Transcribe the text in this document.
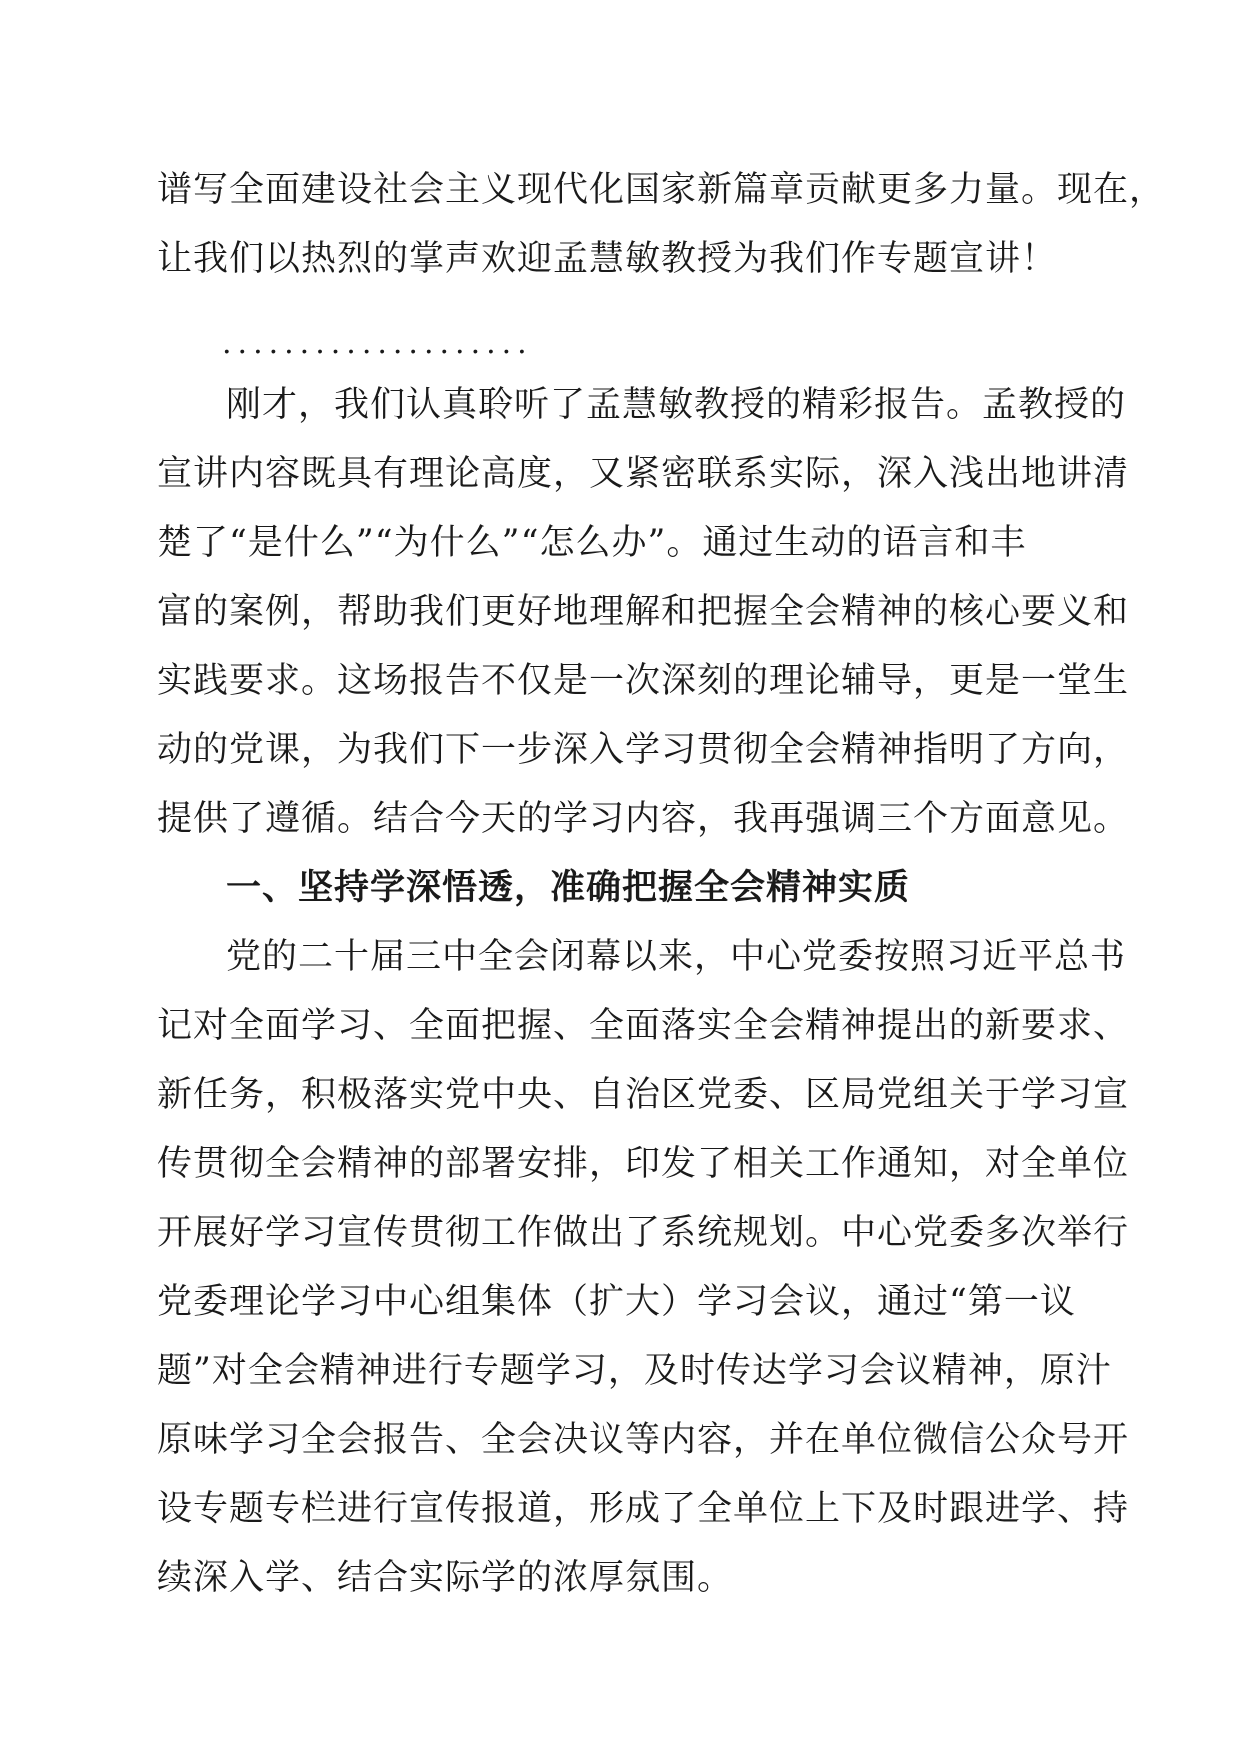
谱写全面建设社会主义现代化国家新篇章贡献更多力量。现在，
让我们以热烈的掌声欢迎孟慧敏教授为我们作专题宣讲！
....................
刚才，我们认真聆听了孟慧敏教授的精彩报告。孟教授的
宣讲内容既具有理论高度，又紧密联系实际，深入浅出地讲清
楚了“是什么”“为什么”“怎么办”。通过生动的语言和丰
富的案例，帮助我们更好地理解和把握全会精神的核心要义和
实践要求。这场报告不仅是一次深刻的理论辅导，更是一堂生
动的党课，为我们下一步深入学习贯彻全会精神指明了方向，
提供了遵循。结合今天的学习内容，我再强调三个方面意见。
一、坚持学深悟透，准确把握全会精神实质
党的二十届三中全会闭幕以来，中心党委按照习近平总书
记对全面学习、全面把握、全面落实全会精神提出的新要求、
新任务，积极落实党中央、自治区党委、区局党组关于学习宣
传贯彻全会精神的部署安排，印发了相关工作通知，对全单位
开展好学习宣传贯彻工作做出了系统规划。中心党委多次举行
党委理论学习中心组集体（扩大）学习会议，通过“第一议
题”对全会精神进行专题学习，及时传达学习会议精神，原汁
原味学习全会报告、全会决议等内容，并在单位微信公众号开
设专题专栏进行宣传报道，形成了全单位上下及时跟进学、持
续深入学、结合实际学的浓厚氛围。
